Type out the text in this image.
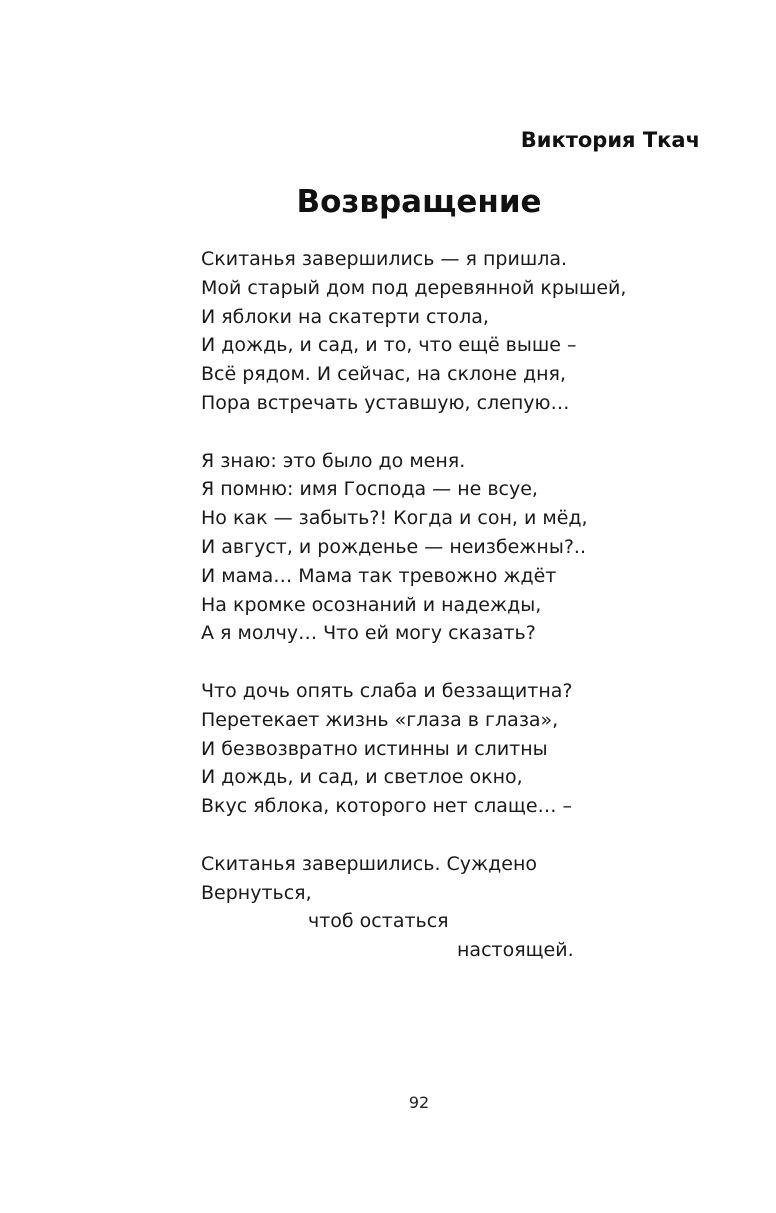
Виктория Ткач
Возвращение
Скитанья завершились — я пришла.
Мой старый дом под деревянной крышей,
И яблоки на скатерти стола,
И дождь, и сад, и то, что ещё выше –
Всё рядом. И сейчас, на склоне дня,
Пора встречать уставшую, слепую…
Я знаю: это было до меня.
Я помню: имя Господа — не всуе,
Но как — забыть?! Когда и сон, и мёд,
И август, и рожденье — неизбежны?..
И мама… Мама так тревожно ждёт
На кромке осознаний и надежды,
А я молчу… Что ей могу сказать?
Что дочь опять слаба и беззащитна?
Перетекает жизнь «глаза в глаза»,
И безвозвратно истинны и слитны
И дождь, и сад, и светлое окно,
Вкус яблока, которого нет слаще… –
Скитанья завершились. Суждено
Вернуться,
чтоб остаться
настоящей.
92
